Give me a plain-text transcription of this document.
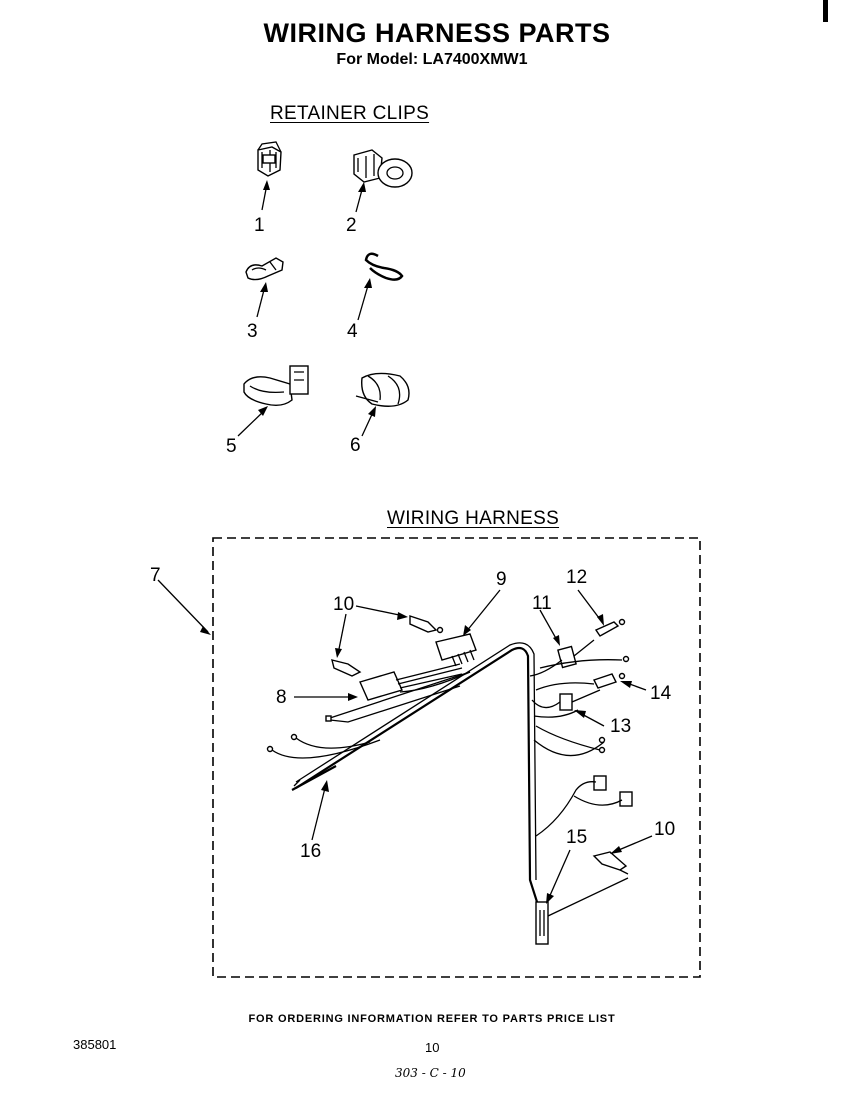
WIRING HARNESS PARTS
For Model: LA7400XMW1
RETAINER CLIPS
WIRING HARNESS
1	2
3	4
5	6
7
8
9
10
10
11
12
13
14
15
16
FOR ORDERING INFORMATION REFER TO PARTS PRICE LIST
385801	10
303 - C - 10
